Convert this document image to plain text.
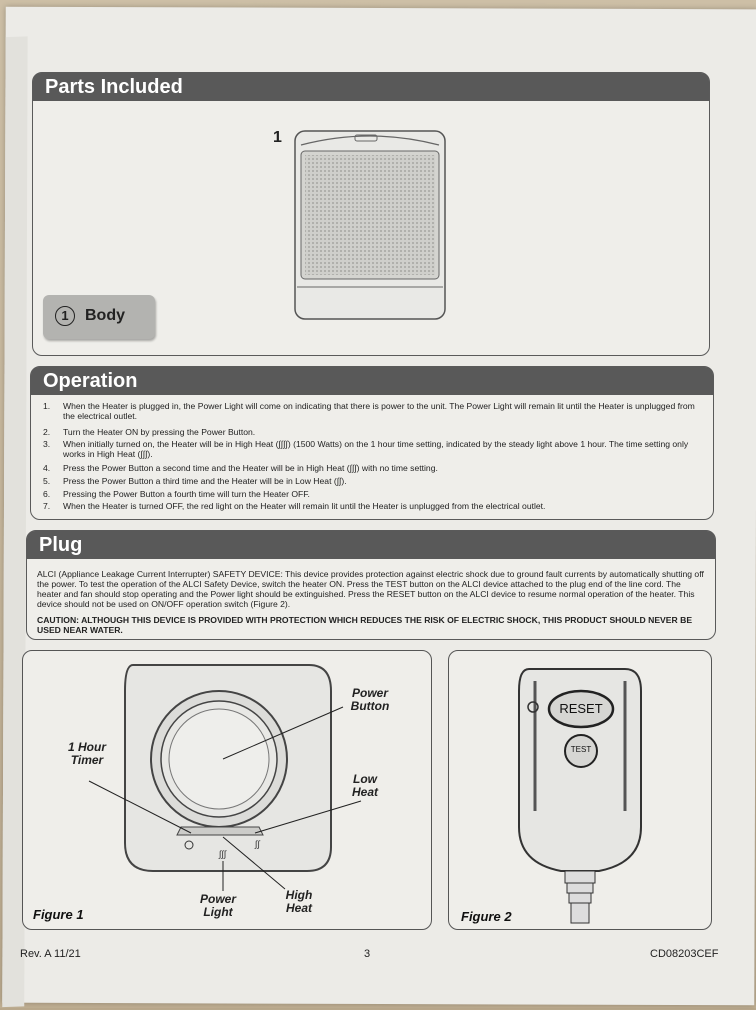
Parts Included
1
1	Body
Operation
1.	When the Heater is plugged in, the Power Light will come on indicating that there is power to the unit. The Power Light will remain lit until the Heater is unplugged from the electrical outlet.
2.	Turn the Heater ON by pressing the Power Button.
3.	When initially turned on, the Heater will be in High Heat (∫∫∫∫) (1500 Watts) on the 1 hour time setting, indicated by the steady light above 1 hour. The time setting only works in High Heat (∫∫∫).
4.	Press the Power Button a second time and the Heater will be in High Heat (∫∫∫) with no time setting.
5.	Press the Power Button a third time and the Heater will be in Low Heat (∫∫).
6.	Pressing the Power Button a fourth time will turn the Heater OFF.
7.	When the Heater is turned OFF, the red light on the Heater will remain lit until the Heater is unplugged from the electrical outlet.
Plug
ALCI (Appliance Leakage Current Interrupter) SAFETY DEVICE: This device provides protection against electric shock due to ground fault currents by automatically shutting off the power. To test the operation of the ALCI Safety Device, switch the heater ON. Press the TEST button on the ALCI device attached to the plug end of the line cord. The heater and fan should stop operating and the Power light should be extinguished. Press the RESET button on the ALCI device to resume normal operation of the heater. This device should not be used on ON/OFF operation switch (Figure 2).
CAUTION: ALTHOUGH THIS DEVICE IS PROVIDED WITH PROTECTION WHICH REDUCES THE RISK OF ELECTRIC SHOCK, THIS PRODUCT SHOULD NEVER BE USED NEAR WATER.
∫∫∫
∫∫
Power
Button
1 Hour
Timer
Low
Heat
High
Heat
Power
Light
Figure 1
RESET
TEST
Figure 2
Rev. A 11/21	3	CD08203CEF
